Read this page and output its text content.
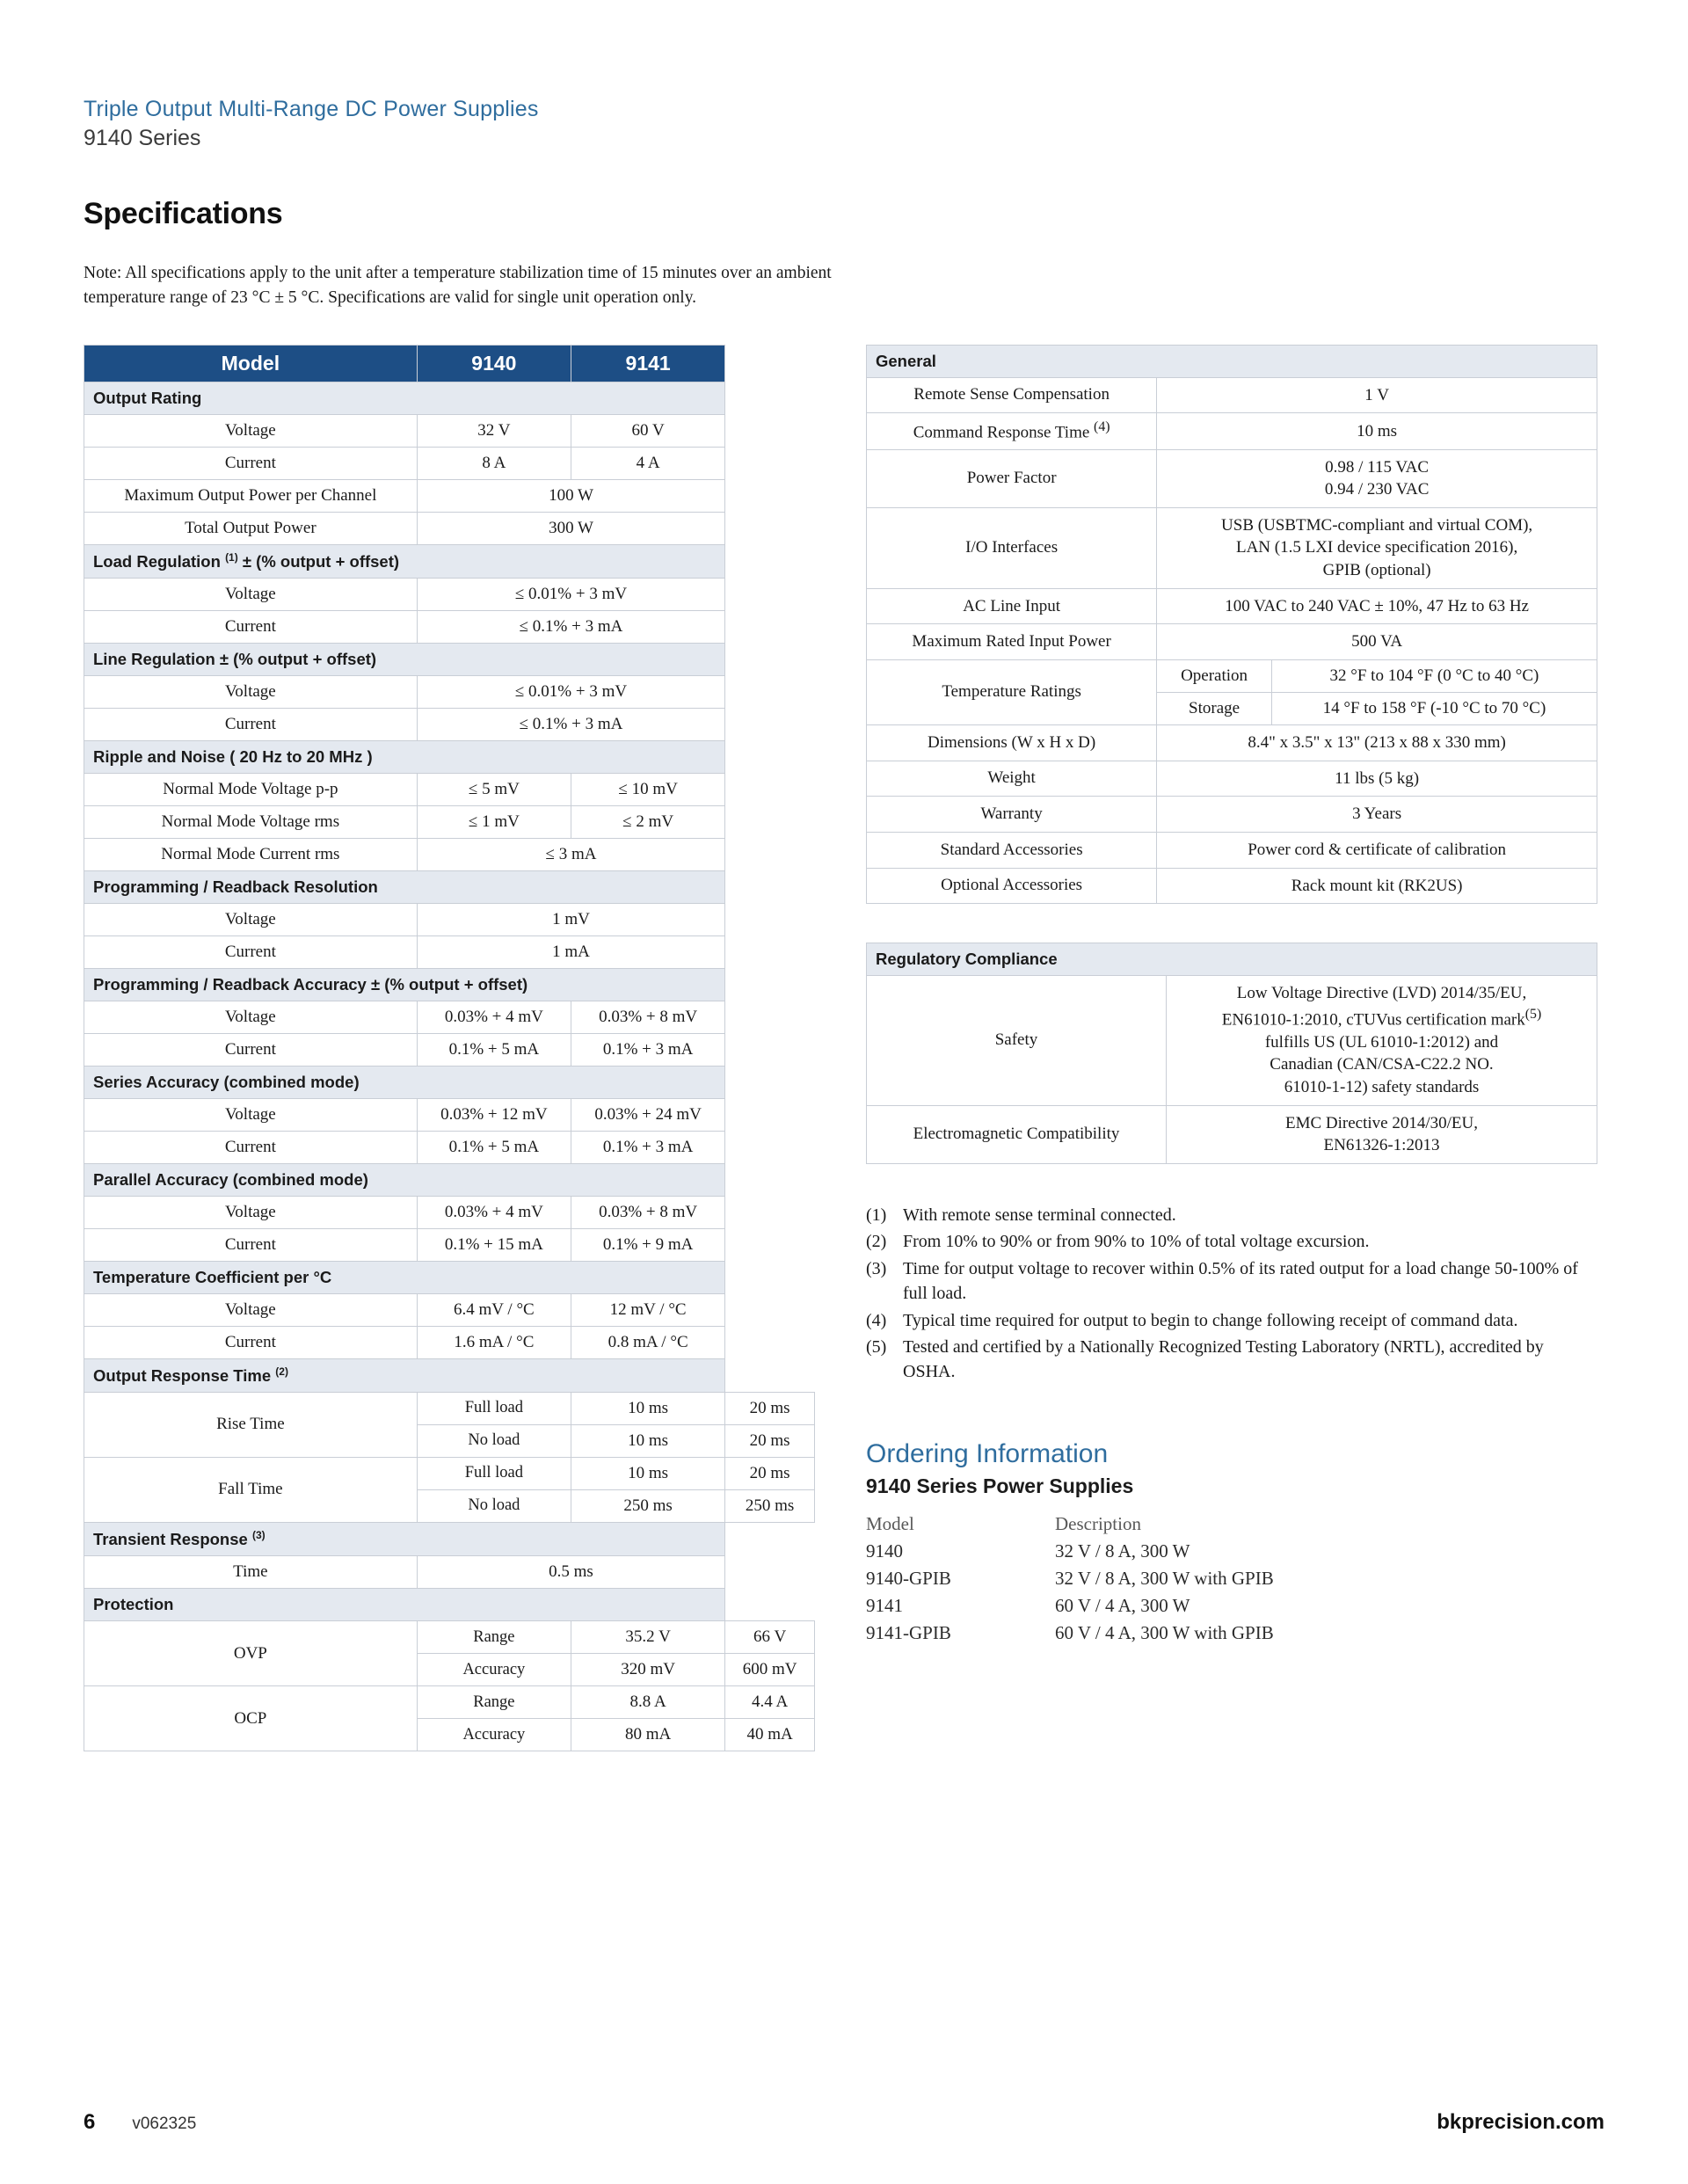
Triple Output Multi-Range DC Power Supplies
9140 Series
Specifications
Note: All specifications apply to the unit after a temperature stabilization time of 15 minutes over an ambient temperature range of 23 °C ± 5 °C. Specifications are valid for single unit operation only.
Model	9140	9141	
Output Rating			
Voltage	32 V	60 V	
Current	8 A	4 A	
Maximum Output Power per Channel	100 W		
Total Output Power	300 W		
Load Regulation $^{(1)}$ ± (% output + offset)			
Voltage	≤ 0.01% + 3 mV		
Current	≤ 0.1% + 3 mA		
Line Regulation ± (% output + offset)			
Voltage	≤ 0.01% + 3 mV		
Current	≤ 0.1% + 3 mA		
Ripple and Noise ( 20 Hz to 20 MHz )			
Normal Mode Voltage p-p	≤ 5 mV	≤ 10 mV	
Normal Mode Voltage rms	≤ 1 mV	≤ 2 mV	
Normal Mode Current rms	≤ 3 mA		
Programming / Readback Resolution			
Voltage	1 mV		
Current	1 mA		
Programming / Readback Accuracy ± (% output + offset)			
Voltage	0.03% + 4 mV	0.03% + 8 mV	
Current	0.1% + 5 mA	0.1% + 3 mA	
Series Accuracy (combined mode)			
Voltage	0.03% + 12 mV	0.03% + 24 mV	
Current	0.1% + 5 mA	0.1% + 3 mA	
Parallel Accuracy (combined mode)			
Voltage	0.03% + 4 mV	0.03% + 8 mV	
Current	0.1% + 15 mA	0.1% + 9 mA	
Temperature Coefficient per °C			
Voltage	6.4 mV / °C	12 mV / °C	
Current	1.6 mA / °C	0.8 mA / °C	
Output Response Time $^{(2)}$
Rise Time	Full load	10 ms	20 ms
	No load	10 ms	20 ms
Fall Time	Full load	10 ms	20 ms
	No load	250 ms	250 ms
Transient Response $^{(3)}$
Time	0.5 ms		
Protection			
OVP	Range	35.2 V	66 V
	Accuracy	320 mV	600 mV
OCP	Range	8.8 A	4.4 A
	Accuracy	80 mA	40 mA
General		
Remote Sense Compensation	1 V	
Command Response Time $^{(4)}$	10 ms	
Power Factor	0.98 / 115 VAC
0.94 / 230 VAC	
I/O Interfaces	USB (USBTMC-compliant and virtual COM),
LAN (1.5 LXI device specification 2016),
GPIB (optional)	
AC Line Input	100 VAC to 240 VAC ± 10%, 47 Hz to 63 Hz	
Maximum Rated Input Power	500 VA	
Temperature Ratings	Operation	32 °F to 104 °F (0 °C to 40 °C)
	Storage	14 °F to 158 °F (-10 °C to 70 °C)
Dimensions (W x H x D)	8.4" x 3.5" x 13" (213 x 88 x 330 mm)	
Weight	11 lbs (5 kg)	
Warranty	3 Years	
Standard Accessories	Power cord & certificate of calibration	
Optional Accessories	Rack mount kit (RK2US)	
Regulatory Compliance	
Safety	Low Voltage Directive (LVD) 2014/35/EU,
EN61010-1:2010, cTUVus certification mark$^{(5)}$
fulfills US (UL 61010-1:2012) and
Canadian (CAN/CSA-C22.2 NO.
61010-1-12) safety standards
Electromagnetic Compatibility	EMC Directive 2014/30/EU,
EN61326-1:2013
(1) With remote sense terminal connected.
(2) From 10% to 90% or from 90% to 10% of total voltage excursion.
(3) Time for output voltage to recover within 0.5% of its rated output for a load change 50-100% of full load.
(4) Typical time required for output to begin to change following receipt of command data.
(5) Tested and certified by a Nationally Recognized Testing Laboratory (NRTL), accredited by OSHA.
Ordering Information
9140 Series Power Supplies
Model	Description
9140	32 V / 8 A, 300 W
9140-GPIB	32 V / 8 A, 300 W with GPIB
9141	60 V / 4 A, 300 W
9141-GPIB	60 V / 4 A, 300 W with GPIB
6 v062325	bkprecision.com
